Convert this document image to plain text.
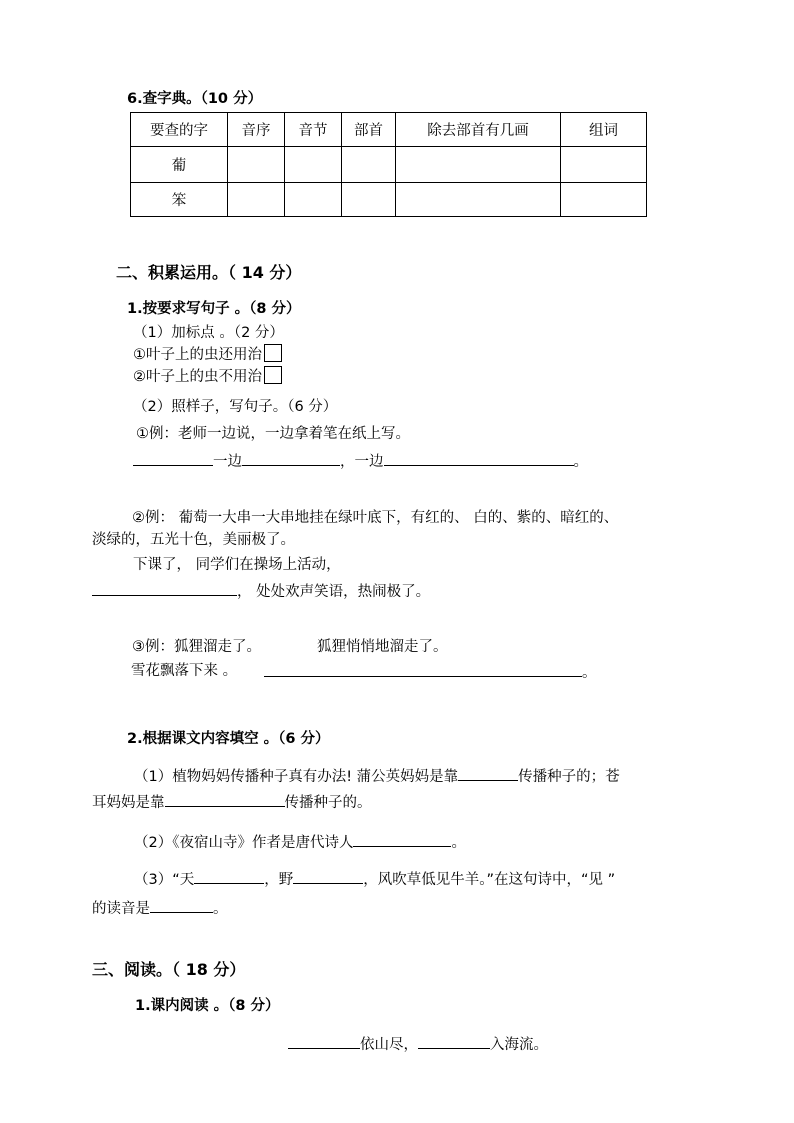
6.查字典。（10 分）
要查的字	音序	音节	部首	除去部首有几画	组词
葡					
笨					
二、积累运用。（ 14 分）
1.按要求写句子 。（8 分）
（1）加标点 。（2 分）
①叶子上的虫还用治
②叶子上的虫不用治
（2）照样子，写句子。（6 分）
①例：老师一边说，一边拿着笔在纸上写。
一边	，一边	。
②例： 葡萄一大串一大串地挂在绿叶底下，有红的、 白的、紫的、暗红的、
淡绿的，五光十色，美丽极了。
下课了， 同学们在操场上活动，
， 处处欢声笑语，热闹极了。
③例：狐狸溜走了。	狐狸悄悄地溜走了。
雪花飘落下来 。	。
2.根据课文内容填空 。（6 分）
（1）植物妈妈传播种子真有办法! 蒲公英妈妈是靠	传播种子的；苍
耳妈妈是靠	传播种子的。
（2）《夜宿山寺》作者是唐代诗人	。
（3）“天	，野	，风吹草低见牛羊。”在这句诗中，“见 ”
的读音是	。
三、阅读。（ 18 分）
1.课内阅读 。（8 分）
依山尽，	入海流。
